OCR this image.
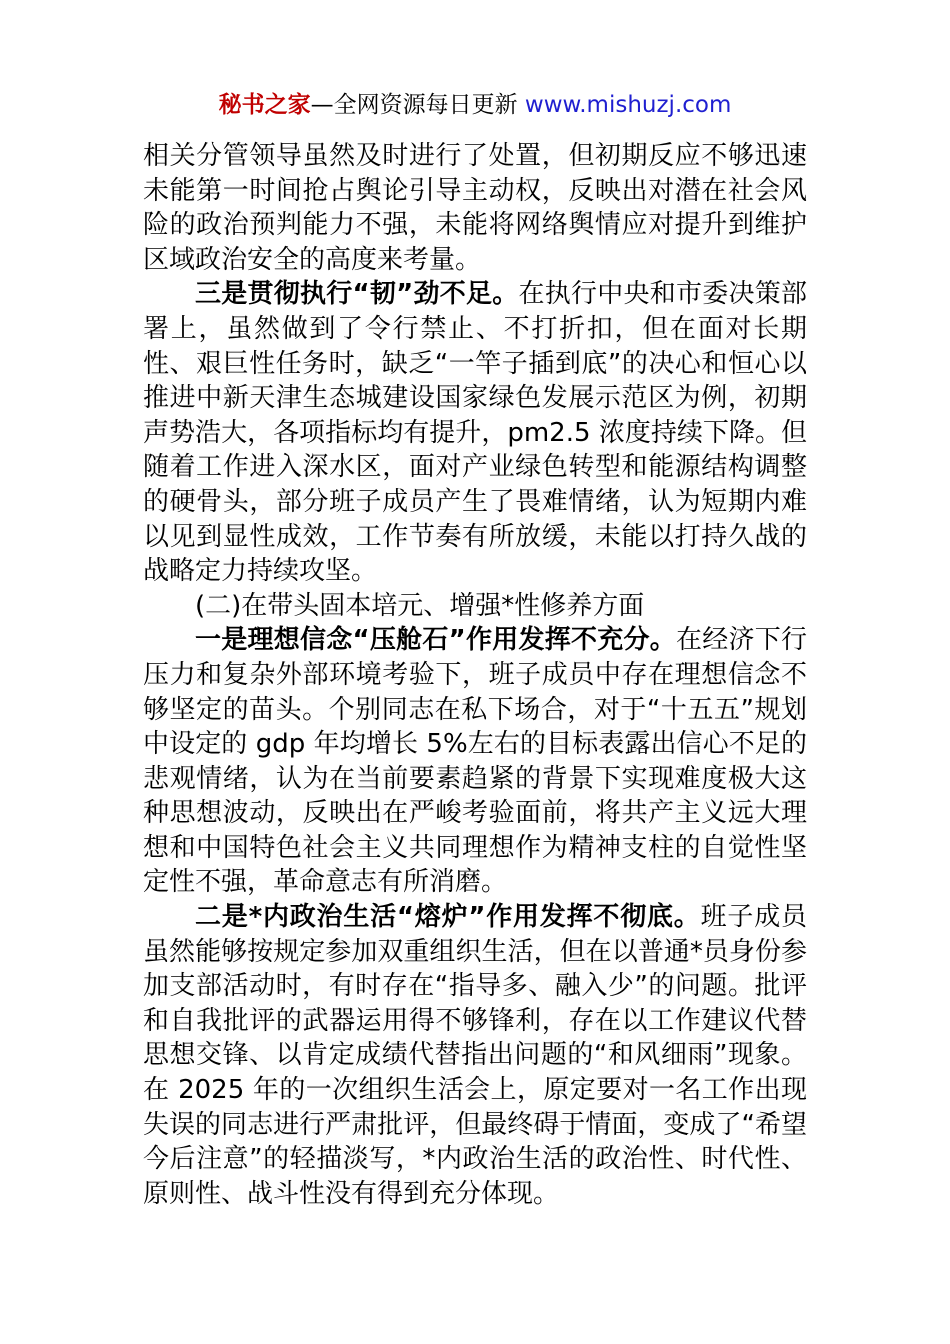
秘书之家—全网资源每日更新 www.mishuzj.com

相关分管领导虽然及时进行了处置，但初期反应不够迅速未能第一时间抢占舆论引导主动权，反映出对潜在社会风险的政治预判能力不强，未能将网络舆情应对提升到维护区域政治安全的高度来考量。

三是贯彻执行“韧”劲不足。在执行中央和市委决策部署上，虽然做到了令行禁止、不打折扣，但在面对长期性、艰巨性任务时，缺乏“一竿子插到底”的决心和恒心以推进中新天津生态城建设国家绿色发展示范区为例，初期声势浩大，各项指标均有提升，pm2.5 浓度持续下降。但随着工作进入深水区，面对产业绿色转型和能源结构调整的硬骨头，部分班子成员产生了畏难情绪，认为短期内难以见到显性成效，工作节奏有所放缓，未能以打持久战的战略定力持续攻坚。

(二)在带头固本培元、增强*性修养方面

一是理想信念“压舱石”作用发挥不充分。在经济下行压力和复杂外部环境考验下，班子成员中存在理想信念不够坚定的苗头。个别同志在私下场合，对于“十五五”规划中设定的 gdp 年均增长 5%左右的目标表露出信心不足的悲观情绪，认为在当前要素趋紧的背景下实现难度极大这种思想波动，反映出在严峻考验面前，将共产主义远大理想和中国特色社会主义共同理想作为精神支柱的自觉性坚定性不强，革命意志有所消磨。

二是*内政治生活“熔炉”作用发挥不彻底。班子成员虽然能够按规定参加双重组织生活，但在以普通*员身份参加支部活动时，有时存在“指导多、融入少”的问题。批评和自我批评的武器运用得不够锋利，存在以工作建议代替思想交锋、以肯定成绩代替指出问题的“和风细雨”现象。在 2025 年的一次组织生活会上，原定要对一名工作出现失误的同志进行严肃批评，但最终碍于情面，变成了“希望今后注意”的轻描淡写，*内政治生活的政治性、时代性、原则性、战斗性没有得到充分体现。
